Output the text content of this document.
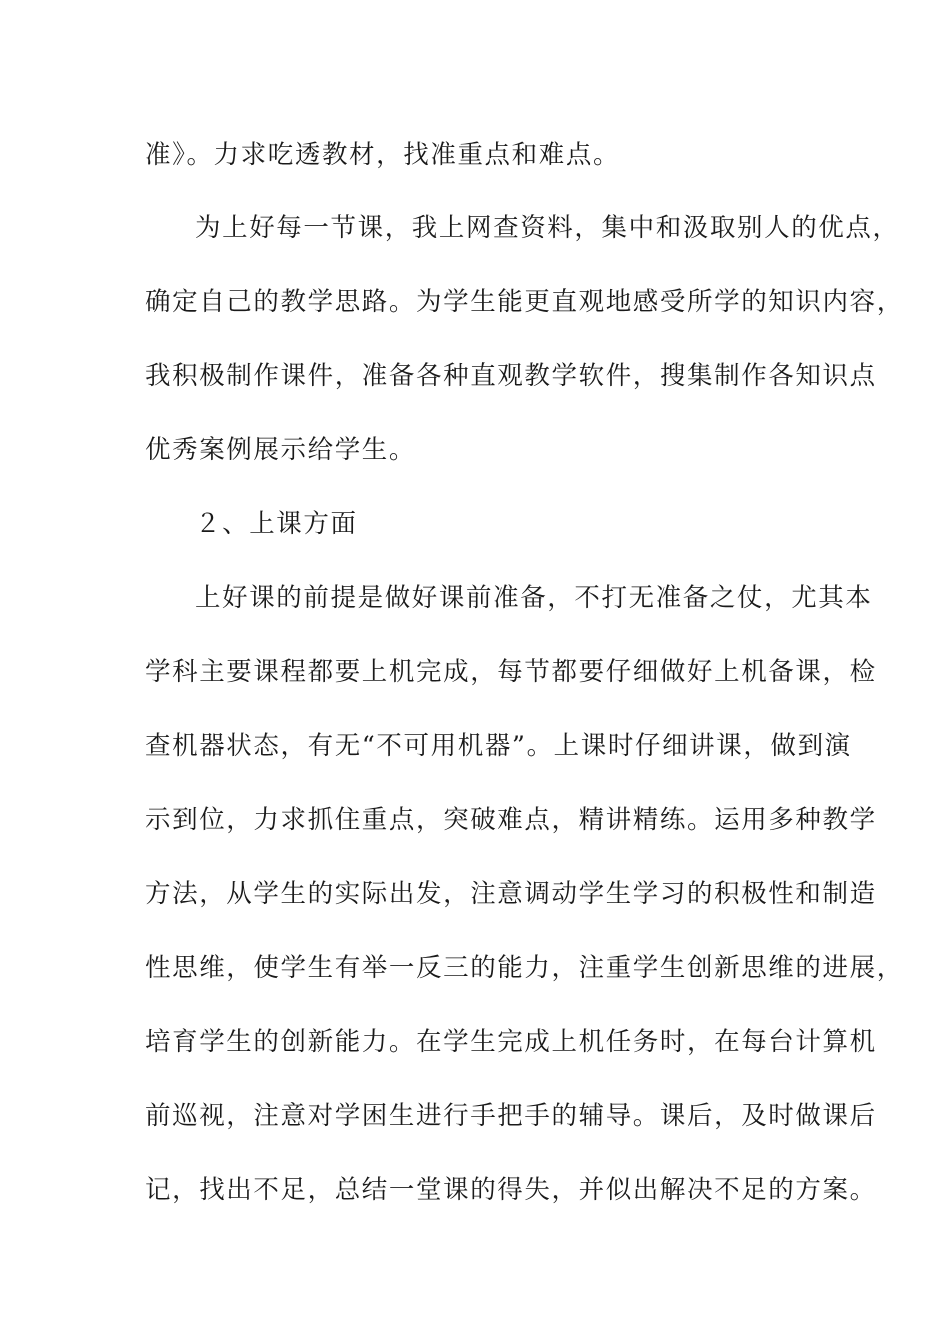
准》。力求吃透教材，找准重点和难点。
为上好每一节课，我上网查资料，集中和汲取别人的优点，
确定自己的教学思路。为学生能更直观地感受所学的知识内容，
我积极制作课件，准备各种直观教学软件，搜集制作各知识点
优秀案例展示给学生。
２、上课方面
上好课的前提是做好课前准备，不打无准备之仗，尤其本
学科主要课程都要上机完成，每节都要仔细做好上机备课，检
查机器状态，有无“不可用机器”。上课时仔细讲课，做到演
示到位，力求抓住重点，突破难点，精讲精练。运用多种教学
方法，从学生的实际出发，注意调动学生学习的积极性和制造
性思维，使学生有举一反三的能力，注重学生创新思维的进展，
培育学生的创新能力。在学生完成上机任务时，在每台计算机
前巡视，注意对学困生进行手把手的辅导。课后，及时做课后
记，找出不足，总结一堂课的得失，并似出解决不足的方案。
